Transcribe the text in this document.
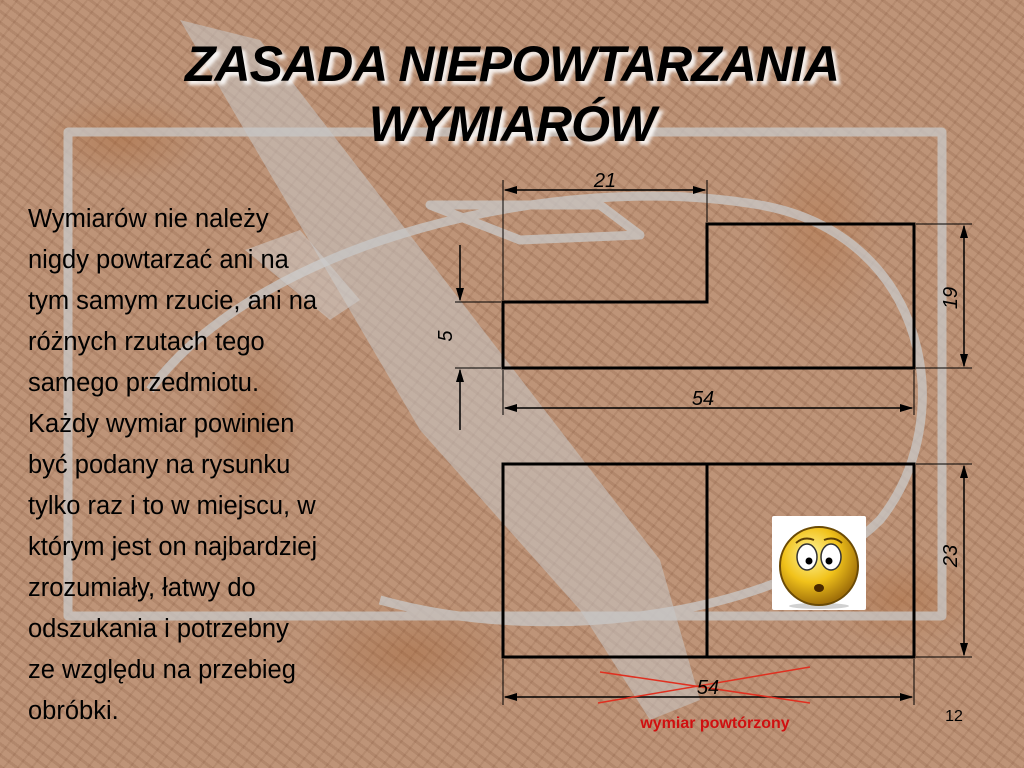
ZASADA NIEPOWTARZANIA
WYMIARÓW

Wymiarów nie należy
nigdy powtarzać ani na
tym samym rzucie, ani na
różnych rzutach tego
samego przedmiotu.
Każdy wymiar powinien
być podany na rysunku
tylko raz i to w miejscu, w
którym jest on najbardziej
zrozumiały, łatwy do
odszukania i potrzebny
ze względu na przebieg
obróbki.

21
19
5
54
23
54
wymiar powtórzony	12
